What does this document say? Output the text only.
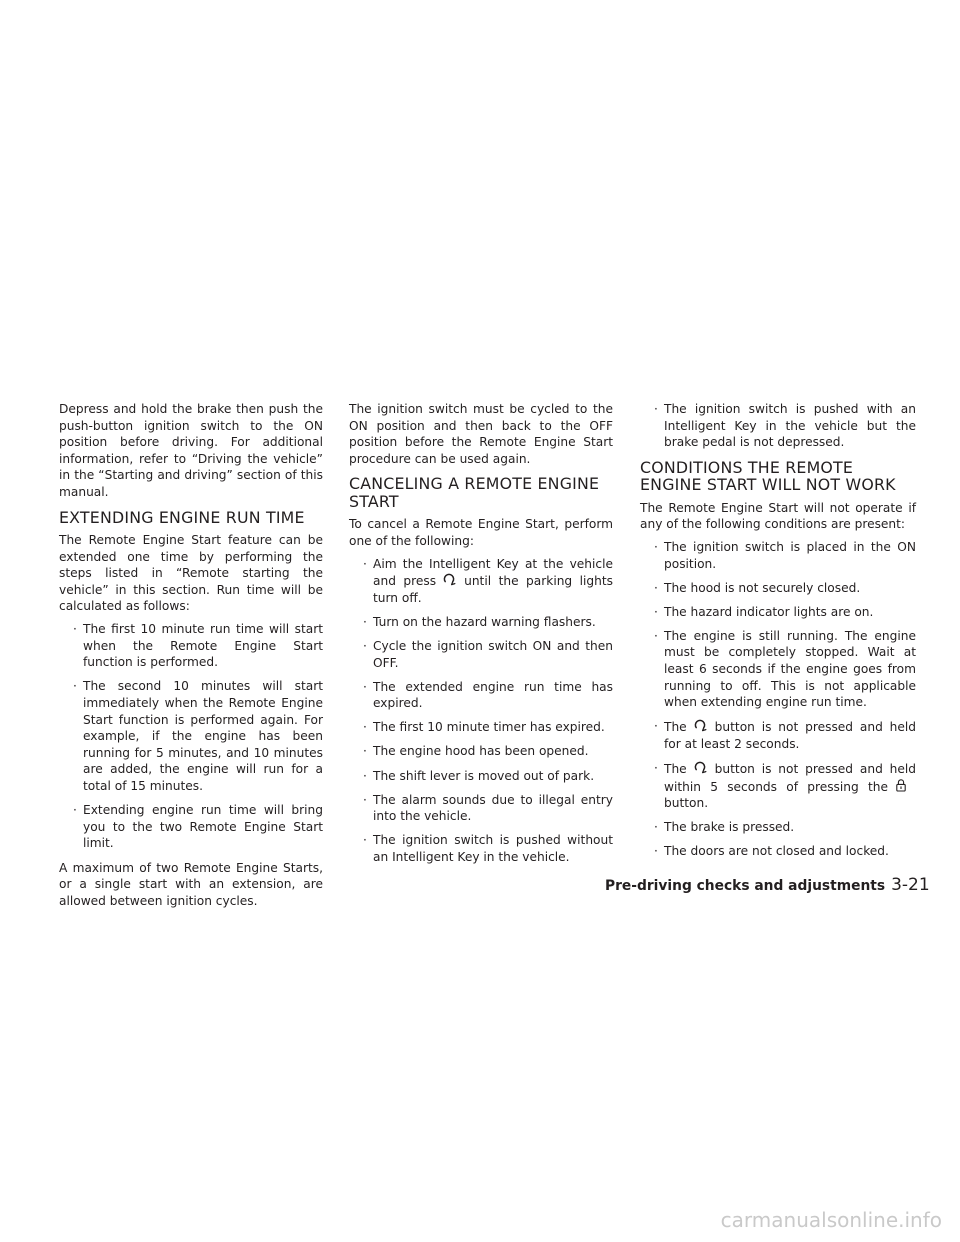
Depress and hold the brake then push the push-button ignition switch to the ON position before driving. For additional information, refer to “Driving the vehicle” in the “Starting and driving” section of this manual.

EXTENDING ENGINE RUN TIME

The Remote Engine Start feature can be extended one time by performing the steps listed in “Remote starting the vehicle” in this section. Run time will be calculated as follows:

· The first 10 minute run time will start when the Remote Engine Start function is performed.
· The second 10 minutes will start immediately when the Remote Engine Start function is performed again. For example, if the engine has been running for 5 minutes, and 10 minutes are added, the engine will run for a total of 15 minutes.
· Extending engine run time will bring you to the two Remote Engine Start limit.

A maximum of two Remote Engine Starts, or a single start with an extension, are allowed between ignition cycles.

The ignition switch must be cycled to the ON position and then back to the OFF position before the Remote Engine Start procedure can be used again.

CANCELING A REMOTE ENGINE START

To cancel a Remote Engine Start, perform one of the following:

· Aim the Intelligent Key at the vehicle and press until the parking lights turn off.
· Turn on the hazard warning flashers.
· Cycle the ignition switch ON and then OFF.
· The extended engine run time has expired.
· The first 10 minute timer has expired.
· The engine hood has been opened.
· The shift lever is moved out of park.
· The alarm sounds due to illegal entry into the vehicle.
· The ignition switch is pushed without an Intelligent Key in the vehicle.
· The ignition switch is pushed with an Intelligent Key in the vehicle but the brake pedal is not depressed.
CONDITIONS THE REMOTE ENGINE START WILL NOT WORK

The Remote Engine Start will not operate if any of the following conditions are present:

· The ignition switch is placed in the ON position.
· The hood is not securely closed.
· The hazard indicator lights are on.
· The engine is still running. The engine must be completely stopped. Wait at least 6 seconds if the engine goes from running to off. This is not applicable when extending engine run time.
· The button is not pressed and held for at least 2 seconds.
· The button is not pressed and held within 5 seconds of pressing the
button.
· The brake is pressed.
· The doors are not closed and locked.
Pre-driving checks and adjustments 3-21
carmanualsonline.info
